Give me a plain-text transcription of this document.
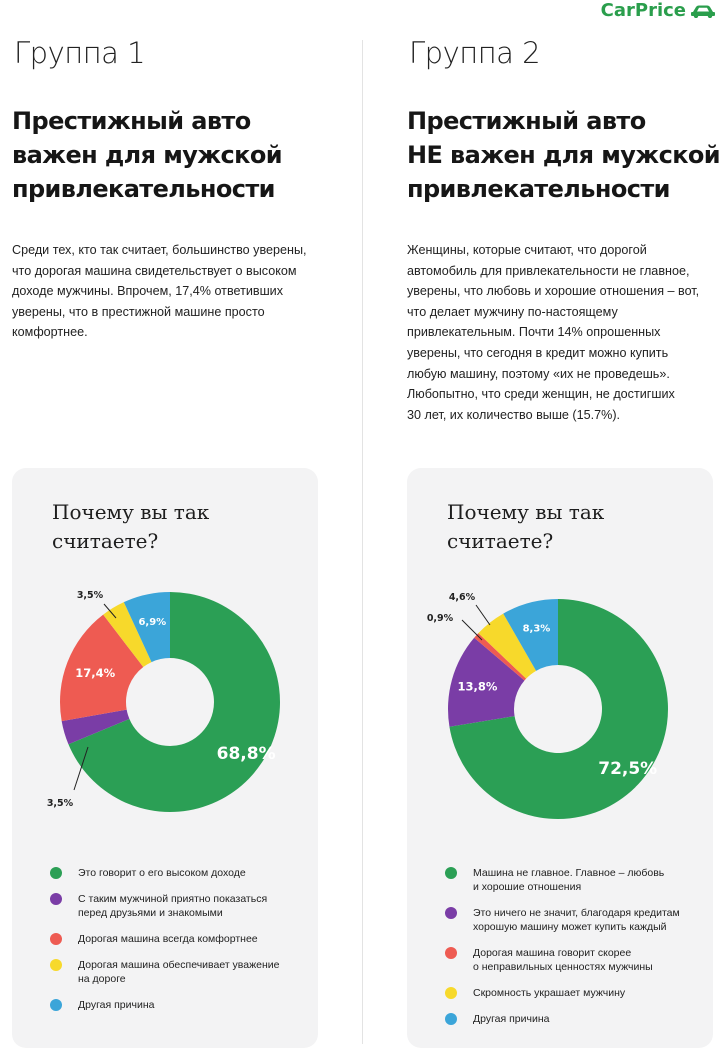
CarPrice
Группа 1
Престижный авто
важен для мужской
привлекательности

Среди тех, кто так считает, большинство уверены,
что дорогая машина свидетельствует о высоком
доходе мужчины. Впрочем, 17,4% ответивших
уверены, что в престижной машине просто
комфортнее.

Почему вы так
считаете?
68,8%
3,5%
17,4%
3,5%
6,9%
Это говорит о его высоком доходе
С таким мужчиной приятно показаться
перед друзьями и знакомыми
Дорогая машина всегда комфортнее
Дорогая машина обеспечивает уважение
на дороге
Другая причина
Группа 2
Престижный авто
НЕ важен для мужской
привлекательности

Женщины, которые считают, что дорогой
автомобиль для привлекательности не главное,
уверены, что любовь и хорошие отношения – вот,
что делает мужчину по-настоящему
привлекательным. Почти 14% опрошенных
уверены, что сегодня в кредит можно купить
любую машину, поэтому «их не проведешь».
Любопытно, что среди женщин, не достигших
30 лет, их количество выше (15.7%).

Почему вы так
считаете?
72,5%
13,8%
0,9%
4,6%
8,3%
Машина не главное. Главное – любовь
и хорошие отношения
Это ничего не значит, благодаря кредитам
хорошую машину может купить каждый
Дорогая машина говорит скорее
о неправильных ценностях мужчины
Скромность украшает мужчину
Другая причина
